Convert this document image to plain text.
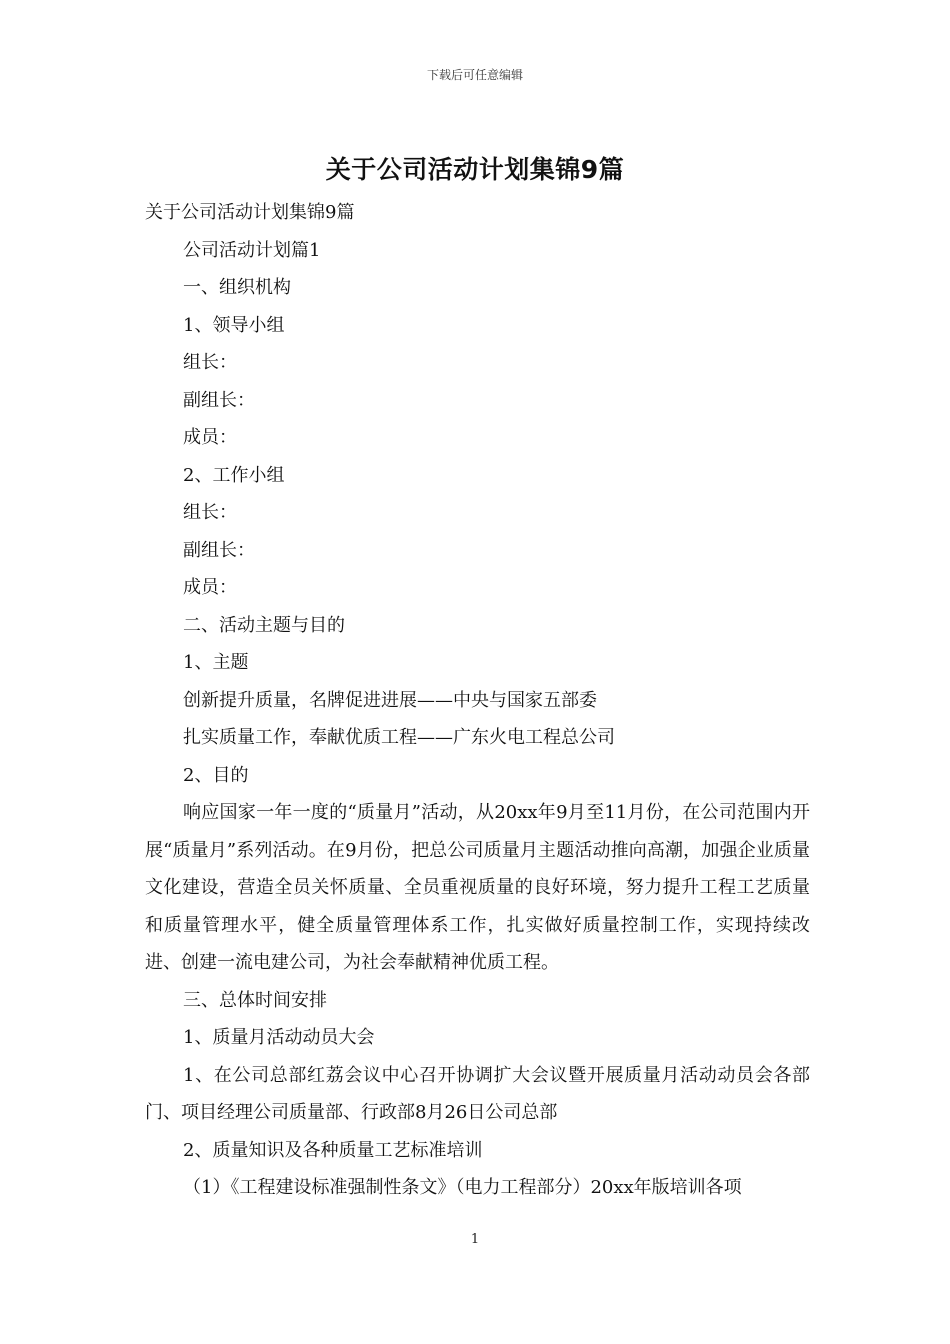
下载后可任意编辑
关于公司活动计划集锦9篇

关于公司活动计划集锦9篇

公司活动计划篇1

一、组织机构

1、领导小组

组长：

副组长：

成员：

2、工作小组

组长：

副组长：

成员：

二、活动主题与目的

1、主题

创新提升质量，名牌促进进展——中央与国家五部委

扎实质量工作，奉献优质工程——广东火电工程总公司

2、目的

响应国家一年一度的“质量月”活动，从20xx年9月至11月份，在公司范围内开展“质量月”系列活动。在9月份，把总公司质量月主题活动推向高潮，加强企业质量文化建设，营造全员关怀质量、全员重视质量的良好环境，努力提升工程工艺质量和质量管理水平，健全质量管理体系工作，扎实做好质量控制工作，实现持续改进、创建一流电建公司，为社会奉献精神优质工程。

三、总体时间安排

1、质量月活动动员大会

1、在公司总部红荔会议中心召开协调扩大会议暨开展质量月活动动员会各部门、项目经理公司质量部、行政部8月26日公司总部

2、质量知识及各种质量工艺标准培训

（1）《工程建设标准强制性条文》（电力工程部分）20xx年版培训各项

1
